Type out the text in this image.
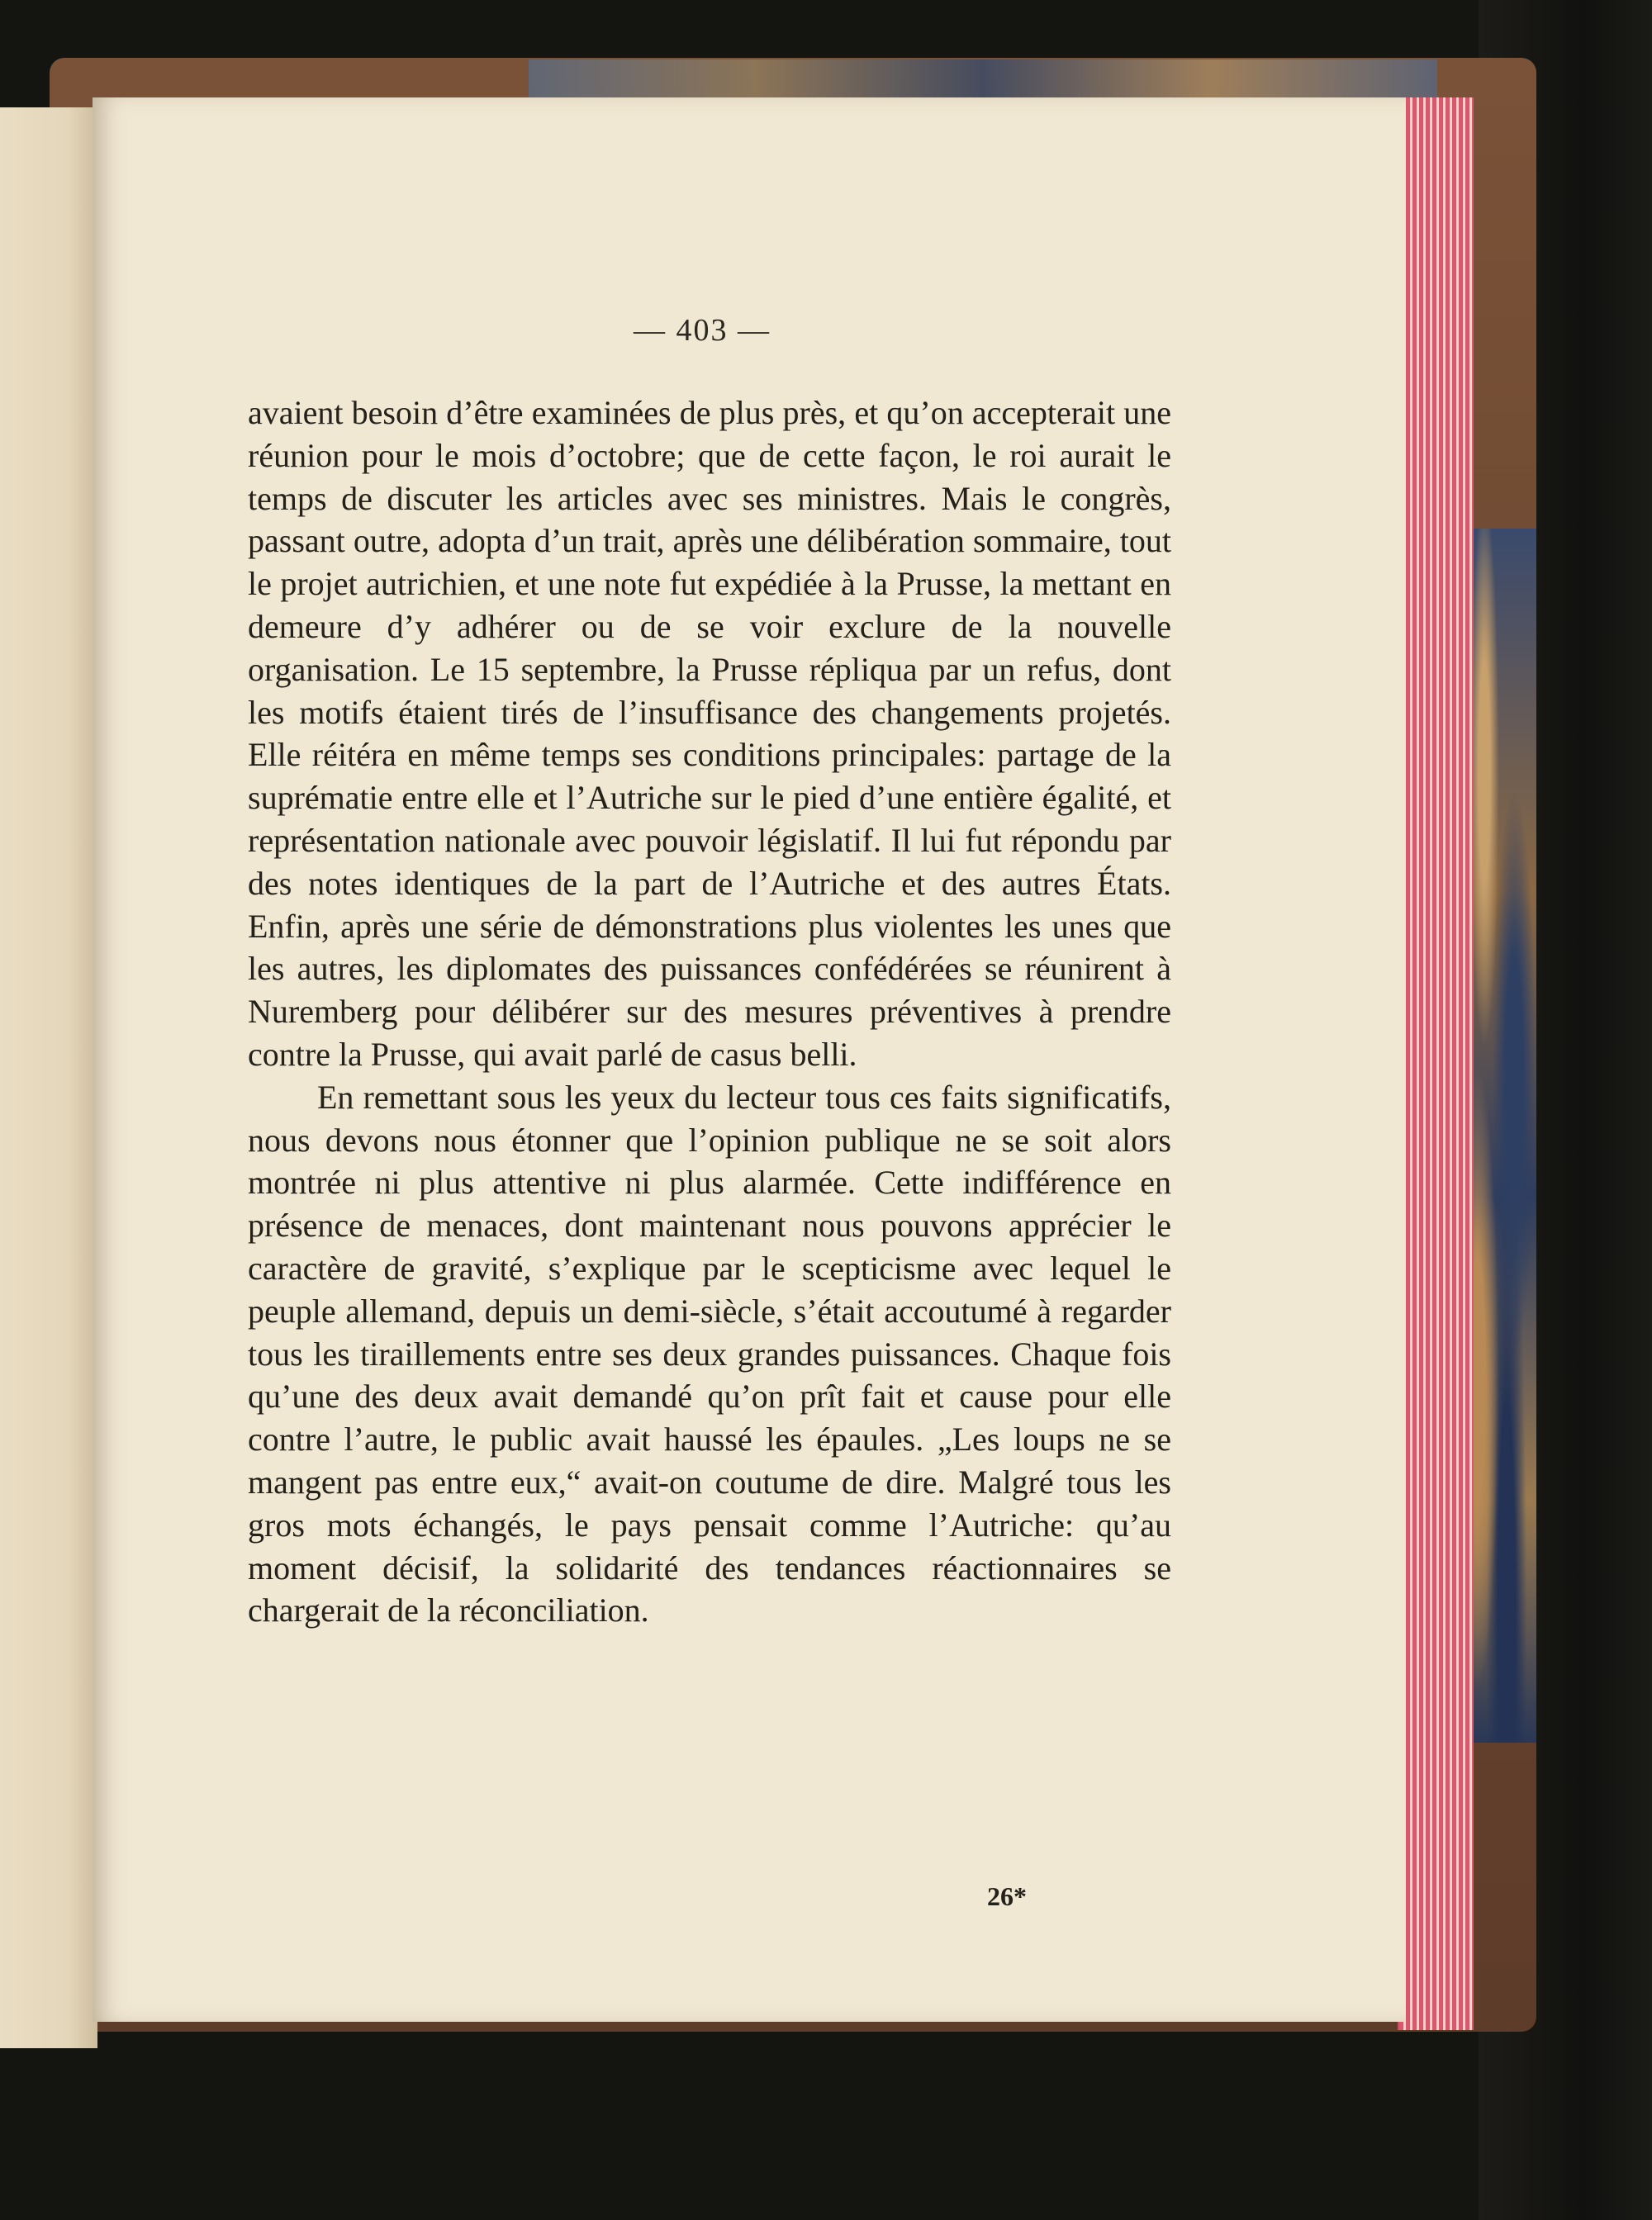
— 403 —

avaient besoin d’être examinées de plus près, et qu’on accepterait une réunion pour le mois d’octobre; que de cette façon, le roi aurait le temps de discuter les articles avec ses ministres. Mais le congrès, passant outre, adopta d’un trait, après une délibération sommaire, tout le projet autrichien, et une note fut expédiée à la Prusse, la mettant en demeure d’y adhérer ou de se voir exclure de la nouvelle organisation. Le 15 septembre, la Prusse répliqua par un refus, dont les motifs étaient tirés de l’insuffisance des changements projetés. Elle réitéra en même temps ses conditions principales: partage de la suprématie entre elle et l’Autriche sur le pied d’une entière égalité, et représentation nationale avec pouvoir législatif. Il lui fut répondu par des notes identiques de la part de l’Autriche et des autres États. Enfin, après une série de démonstrations plus violentes les unes que les autres, les diplomates des puissances confédérées se réunirent à Nuremberg pour délibérer sur des mesures préventives à prendre contre la Prusse, qui avait parlé de casus belli.

En remettant sous les yeux du lecteur tous ces faits significatifs, nous devons nous étonner que l’opinion publique ne se soit alors montrée ni plus attentive ni plus alarmée. Cette indifférence en présence de menaces, dont maintenant nous pouvons apprécier le caractère de gravité, s’explique par le scepticisme avec lequel le peuple allemand, depuis un demi-siècle, s’était accoutumé à regarder tous les tiraillements entre ses deux grandes puissances. Chaque fois qu’une des deux avait demandé qu’on prît fait et cause pour elle contre l’autre, le public avait haussé les épaules. „Les loups ne se mangent pas entre eux,“ avait-on coutume de dire. Malgré tous les gros mots échangés, le pays pensait comme l’Autriche: qu’au moment décisif, la solidarité des tendances réactionnaires se chargerait de la réconciliation.

26*
